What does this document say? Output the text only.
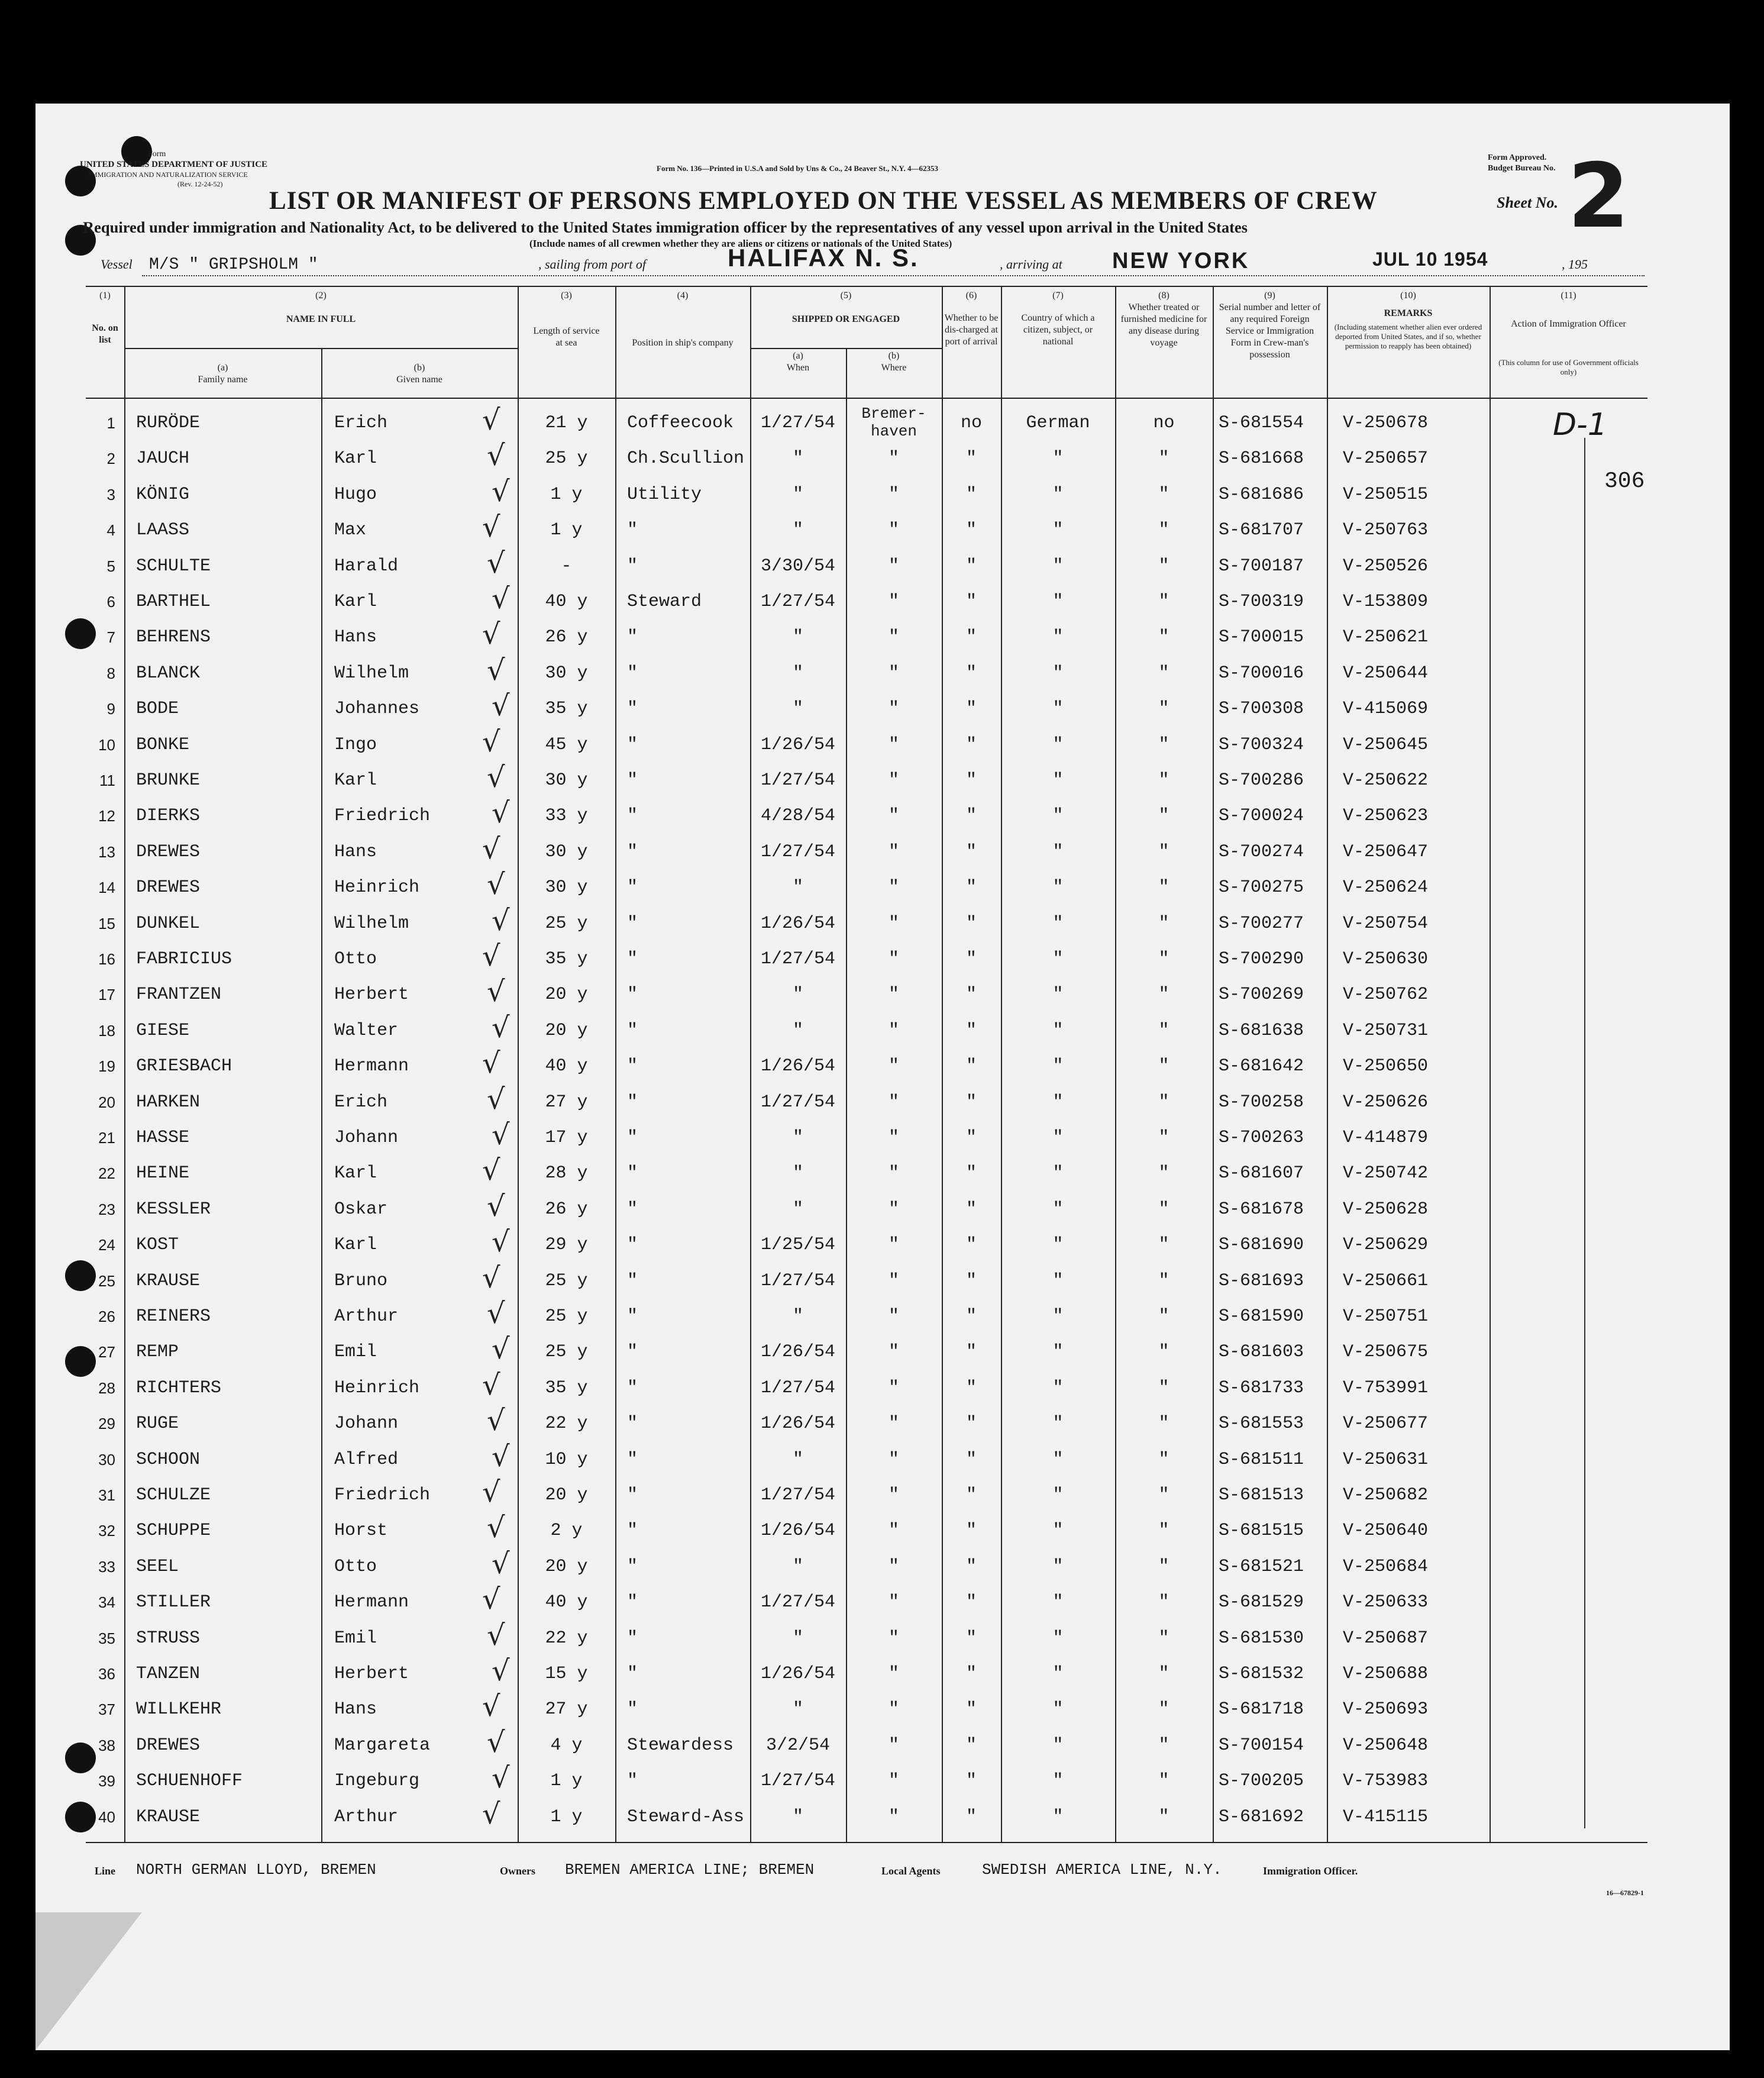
Form
UNITED STATES DEPARTMENT OF JUSTICE
IMMIGRATION AND NATURALIZATION SERVICE
(Rev. 12-24-52)
Form No. 136—Printed in U.S.A and Sold by Uns & Co., 24 Beaver St., N.Y. 4—62353
Form Approved.
Budget Bureau No.
LIST OR MANIFEST OF PERSONS EMPLOYED ON THE VESSEL AS MEMBERS OF CREW	Sheet No. 2
Required under immigration and Nationality Act, to be delivered to the United States immigration officer by the representatives of any vessel upon arrival in the United States
(Include names of all crewmen whether they are aliens or citizens or nationals of the United States)
Vessel M/S " GRIPSHOLM "	, sailing from port of	HALIFAX N. S.	, arriving at NEW YORK	JUL 10 1954	, 195
(1)
No. on list
(2)
NAME IN FULL
(a)
Family name
(b)
Given name
(3)
Length of service at sea
(4)
Position in ship's company
(5)
SHIPPED OR ENGAGED
(a)
When
(b)
Where
(6)
Whether to be dis-charged at port of arrival
(7)
Country of which a citizen, subject, or national
(8)
Whether treated or furnished medicine for any disease during voyage
(9)
Serial number and letter of any required Foreign Service or Immigration Form in Crew-man's possession
(10)
REMARKS
(Including statement whether alien ever ordered deported from United States, and if so, whether permission to reapply has been obtained)
(11)
Action of Immigration Officer
(This column for use of Government officials only)
1 RURÖDE	Erich	21 y	Coffeecook	1/27/54	Bremer-haven	no	German	no	S-681554 V-250678
√
2 JAUCH	Karl	25 y	Ch.Scullion	"	"	"	"	"	S-681668 V-250657
√
3 KÖNIG	Hugo	1 y	Utility	"	"	"	"	"	S-681686 V-250515
√
4 LAASS	Max	1 y	"	"	"	"	"	"	S-681707 V-250763
√
5 SCHULTE	Harald	-	"	3/30/54	"	"	"	"	S-700187 V-250526
√
6 BARTHEL	Karl	40 y	Steward	1/27/54	"	"	"	"	S-700319 V-153809
√
7 BEHRENS	Hans	26 y	"	"	"	"	"	"	S-700015 V-250621
√
8 BLANCK	Wilhelm	30 y	"	"	"	"	"	"	S-700016 V-250644
√
9 BODE	Johannes	35 y	"	"	"	"	"	"	S-700308 V-415069
√
10 BONKE	Ingo	45 y	"	1/26/54	"	"	"	"	S-700324 V-250645
√
11 BRUNKE	Karl	30 y	"	1/27/54	"	"	"	"	S-700286 V-250622
√
12 DIERKS	Friedrich	33 y	"	4/28/54	"	"	"	"	S-700024 V-250623
√
13 DREWES	Hans	30 y	"	1/27/54	"	"	"	"	S-700274 V-250647
√
14 DREWES	Heinrich	30 y	"	"	"	"	"	"	S-700275 V-250624
√
15 DUNKEL	Wilhelm	25 y	"	1/26/54	"	"	"	"	S-700277 V-250754
√
16 FABRICIUS	Otto	35 y	"	1/27/54	"	"	"	"	S-700290 V-250630
√
17 FRANTZEN	Herbert	20 y	"	"	"	"	"	"	S-700269 V-250762
√
18 GIESE	Walter	20 y	"	"	"	"	"	"	S-681638 V-250731
√
19 GRIESBACH	Hermann	40 y	"	1/26/54	"	"	"	"	S-681642 V-250650
√
20 HARKEN	Erich	27 y	"	1/27/54	"	"	"	"	S-700258 V-250626
√
21 HASSE	Johann	17 y	"	"	"	"	"	"	S-700263 V-414879
√
22 HEINE	Karl	28 y	"	"	"	"	"	"	S-681607 V-250742
√
23 KESSLER	Oskar	26 y	"	"	"	"	"	"	S-681678 V-250628
√
24 KOST	Karl	29 y	"	1/25/54	"	"	"	"	S-681690 V-250629
√
25 KRAUSE	Bruno	25 y	"	1/27/54	"	"	"	"	S-681693 V-250661
√
26 REINERS	Arthur	25 y	"	"	"	"	"	"	S-681590 V-250751
√
27 REMP	Emil	25 y	"	1/26/54	"	"	"	"	S-681603 V-250675
√
28 RICHTERS	Heinrich	35 y	"	1/27/54	"	"	"	"	S-681733 V-753991
√
29 RUGE	Johann	22 y	"	1/26/54	"	"	"	"	S-681553 V-250677
√
30 SCHOON	Alfred	10 y	"	"	"	"	"	"	S-681511 V-250631
√
31 SCHULZE	Friedrich	20 y	"	1/27/54	"	"	"	"	S-681513 V-250682
√
32 SCHUPPE	Horst	2 y	"	1/26/54	"	"	"	"	S-681515 V-250640
√
33 SEEL	Otto	20 y	"	"	"	"	"	"	S-681521 V-250684
√
34 STILLER	Hermann	40 y	"	1/27/54	"	"	"	"	S-681529 V-250633
√
35 STRUSS	Emil	22 y	"	"	"	"	"	"	S-681530 V-250687
√
36 TANZEN	Herbert	15 y	"	1/26/54	"	"	"	"	S-681532 V-250688
√
37 WILLKEHR	Hans	27 y	"	"	"	"	"	"	S-681718 V-250693
√
38 DREWES	Margareta	4 y	Stewardess	3/2/54	"	"	"	"	S-700154 V-250648
√
39 SCHUENHOFF	Ingeburg	1 y	"	1/27/54	"	"	"	"	S-700205 V-753983
√
40 KRAUSE	Arthur	1 y	Steward-Ass	"	"	"	"	"	S-681692 V-415115
√
D-1
306
Line NORTH GERMAN LLOYD, BREMEN	Owners BREMEN AMERICA LINE; BREMEN	Local Agents	SWEDISH AMERICA LINE, N.Y.	Immigration Officer.
16—67829-1
